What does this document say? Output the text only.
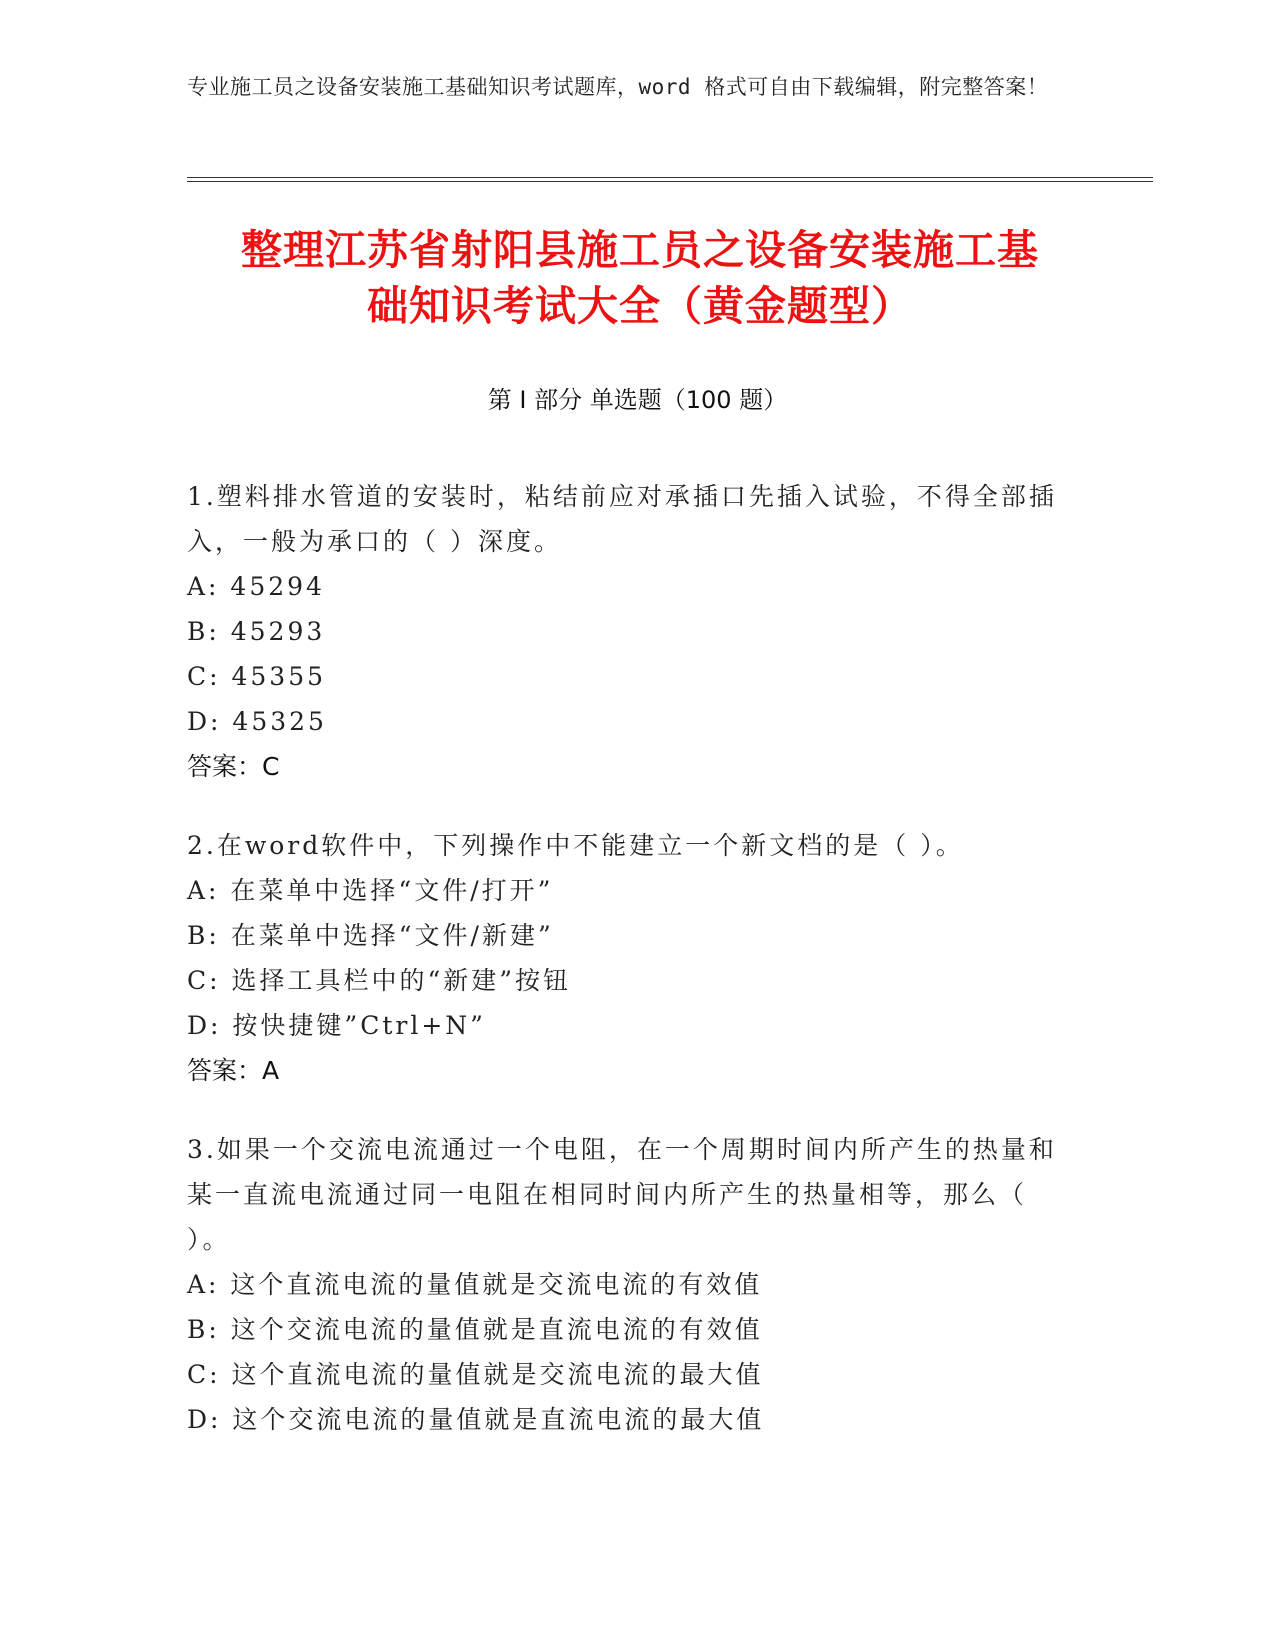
专业施工员之设备安装施工基础知识考试题库，word 格式可自由下载编辑，附完整答案！
整理江苏省射阳县施工员之设备安装施工基
础知识考试大全（黄金题型）
第 I 部分 单选题（100 题）

1.塑料排水管道的安装时，粘结前应对承插口先插入试验，不得全部插入，一般为承口的（ ）深度。

A: 45294

B: 45293

C: 45355

D: 45325

答案：C

2.在word软件中，下列操作中不能建立一个新文档的是（ ）。

A: 在菜单中选择“文件/打开”

B: 在菜单中选择“文件/新建”

C: 选择工具栏中的“新建”按钮

D: 按快捷键”Ctrl+N”

答案：A

3.如果一个交流电流通过一个电阻，在一个周期时间内所产生的热量和某一直流电流通过同一电阻在相同时间内所产生的热量相等，那么（ ）。

A: 这个直流电流的量值就是交流电流的有效值

B: 这个交流电流的量值就是直流电流的有效值

C: 这个直流电流的量值就是交流电流的最大值

D: 这个交流电流的量值就是直流电流的最大值
